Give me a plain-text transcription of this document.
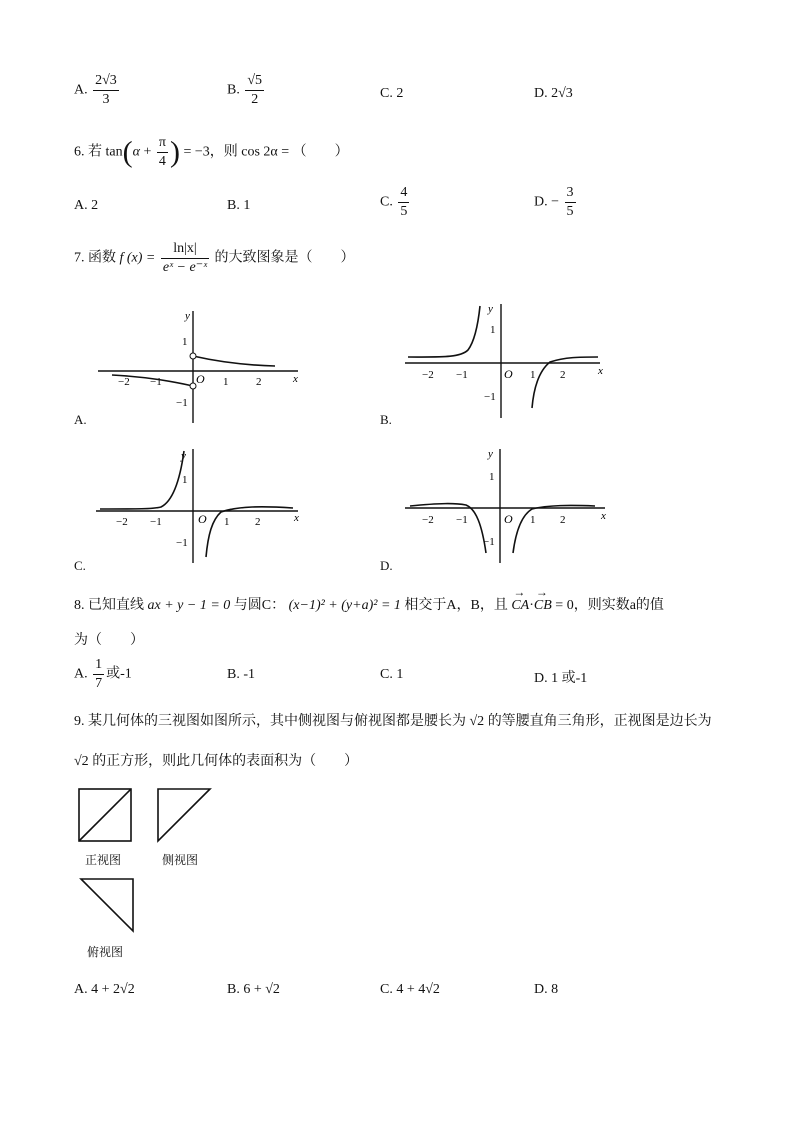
A. $\frac{2√3}{3}$	B. $\frac{√5}{2}$	C. 2	D. 2√3
6. 若 $\tan(\alpha + \frac{\pi}{4}$ ) = −3，则 cos 2α = （　　）
A. 2	B. 1	C. $\frac{4}{5}$	D. − $\frac{3}{5}$
7. 函数 f $(x) = \frac{\ln|x|}{\text{eˣ − e⁻ˣ}}$ 的大致图象是（　　）
y
x
O
−2 −1	1	2
1
−1
A.
y
x
O
−2 −1	1 2
1
−1
B.
y
x
O
−2 −1	1 2
1
−1
C.
y
x
O
−2 −1	1 2
1
−1
D.
8. 已知直线 ax + y − 1 = 0 与圆C： (x−1)² + (y+a)² = 1 相交于A，B，且 → CA·→ CB = 0，则实数a的值
为（　　）
A. $\frac{1}{7}$ 或-1	B. -1	C. 1	D. 1 或-1
9. 某几何体的三视图如图所示，其中侧视图与俯视图都是腰长为 √2 的等腰直角三角形，正视图是边长为
√2 的正方形，则此几何体的表面积为（　　）
正视图	侧视图
俯视图
A. 4 + 2√2	B. 6 + √2	C. 4 + 4√2	D. 8
